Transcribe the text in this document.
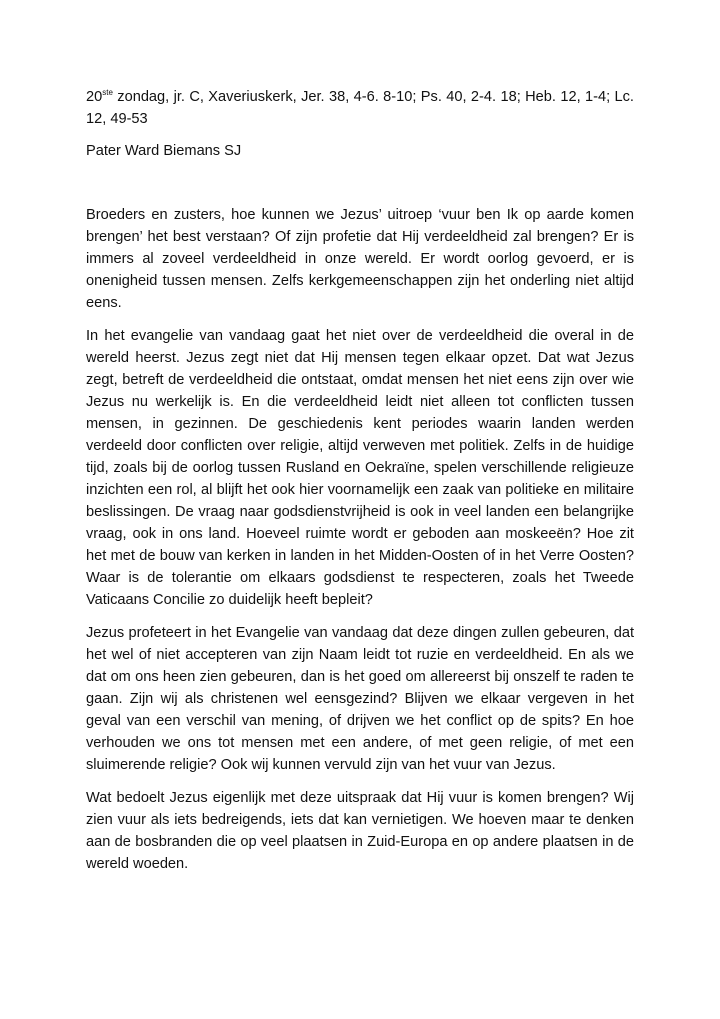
20ste zondag, jr. C, Xaveriuskerk, Jer. 38, 4-6. 8-10; Ps. 40, 2-4. 18; Heb. 12, 1-4; Lc. 12, 49-53

Pater Ward Biemans SJ

Broeders en zusters, hoe kunnen we Jezus’ uitroep ‘vuur ben Ik op aarde komen brengen’ het best verstaan? Of zijn profetie dat Hij verdeeldheid zal brengen? Er is immers al zoveel verdeeldheid in onze wereld. Er wordt oorlog gevoerd, er is onenigheid tussen mensen. Zelfs kerkgemeenschappen zijn het onderling niet altijd eens.

In het evangelie van vandaag gaat het niet over de verdeeldheid die overal in de wereld heerst. Jezus zegt niet dat Hij mensen tegen elkaar opzet. Dat wat Jezus zegt, betreft de verdeeldheid die ontstaat, omdat mensen het niet eens zijn over wie Jezus nu werkelijk is. En die verdeeldheid leidt niet alleen tot conflicten tussen mensen, in gezinnen. De geschiedenis kent periodes waarin landen werden verdeeld door conflicten over religie, altijd verweven met politiek. Zelfs in de huidige tijd, zoals bij de oorlog tussen Rusland en Oekraïne, spelen verschillende religieuze inzichten een rol, al blijft het ook hier voornamelijk een zaak van politieke en militaire beslissingen. De vraag naar godsdienstvrijheid is ook in veel landen een belangrijke vraag, ook in ons land. Hoeveel ruimte wordt er geboden aan moskeeën? Hoe zit het met de bouw van kerken in landen in het Midden-Oosten of in het Verre Oosten? Waar is de tolerantie om elkaars godsdienst te respecteren, zoals het Tweede Vaticaans Concilie zo duidelijk heeft bepleit?

Jezus profeteert in het Evangelie van vandaag dat deze dingen zullen gebeuren, dat het wel of niet accepteren van zijn Naam leidt tot ruzie en verdeeldheid. En als we dat om ons heen zien gebeuren, dan is het goed om allereerst bij onszelf te raden te gaan. Zijn wij als christenen wel eensgezind? Blijven we elkaar vergeven in het geval van een verschil van mening, of drijven we het conflict op de spits? En hoe verhouden we ons tot mensen met een andere, of met geen religie, of met een sluimerende religie? Ook wij kunnen vervuld zijn van het vuur van Jezus.

Wat bedoelt Jezus eigenlijk met deze uitspraak dat Hij vuur is komen brengen? Wij zien vuur als iets bedreigends, iets dat kan vernietigen. We hoeven maar te denken aan de bosbranden die op veel plaatsen in Zuid-Europa en op andere plaatsen in de wereld woeden.
